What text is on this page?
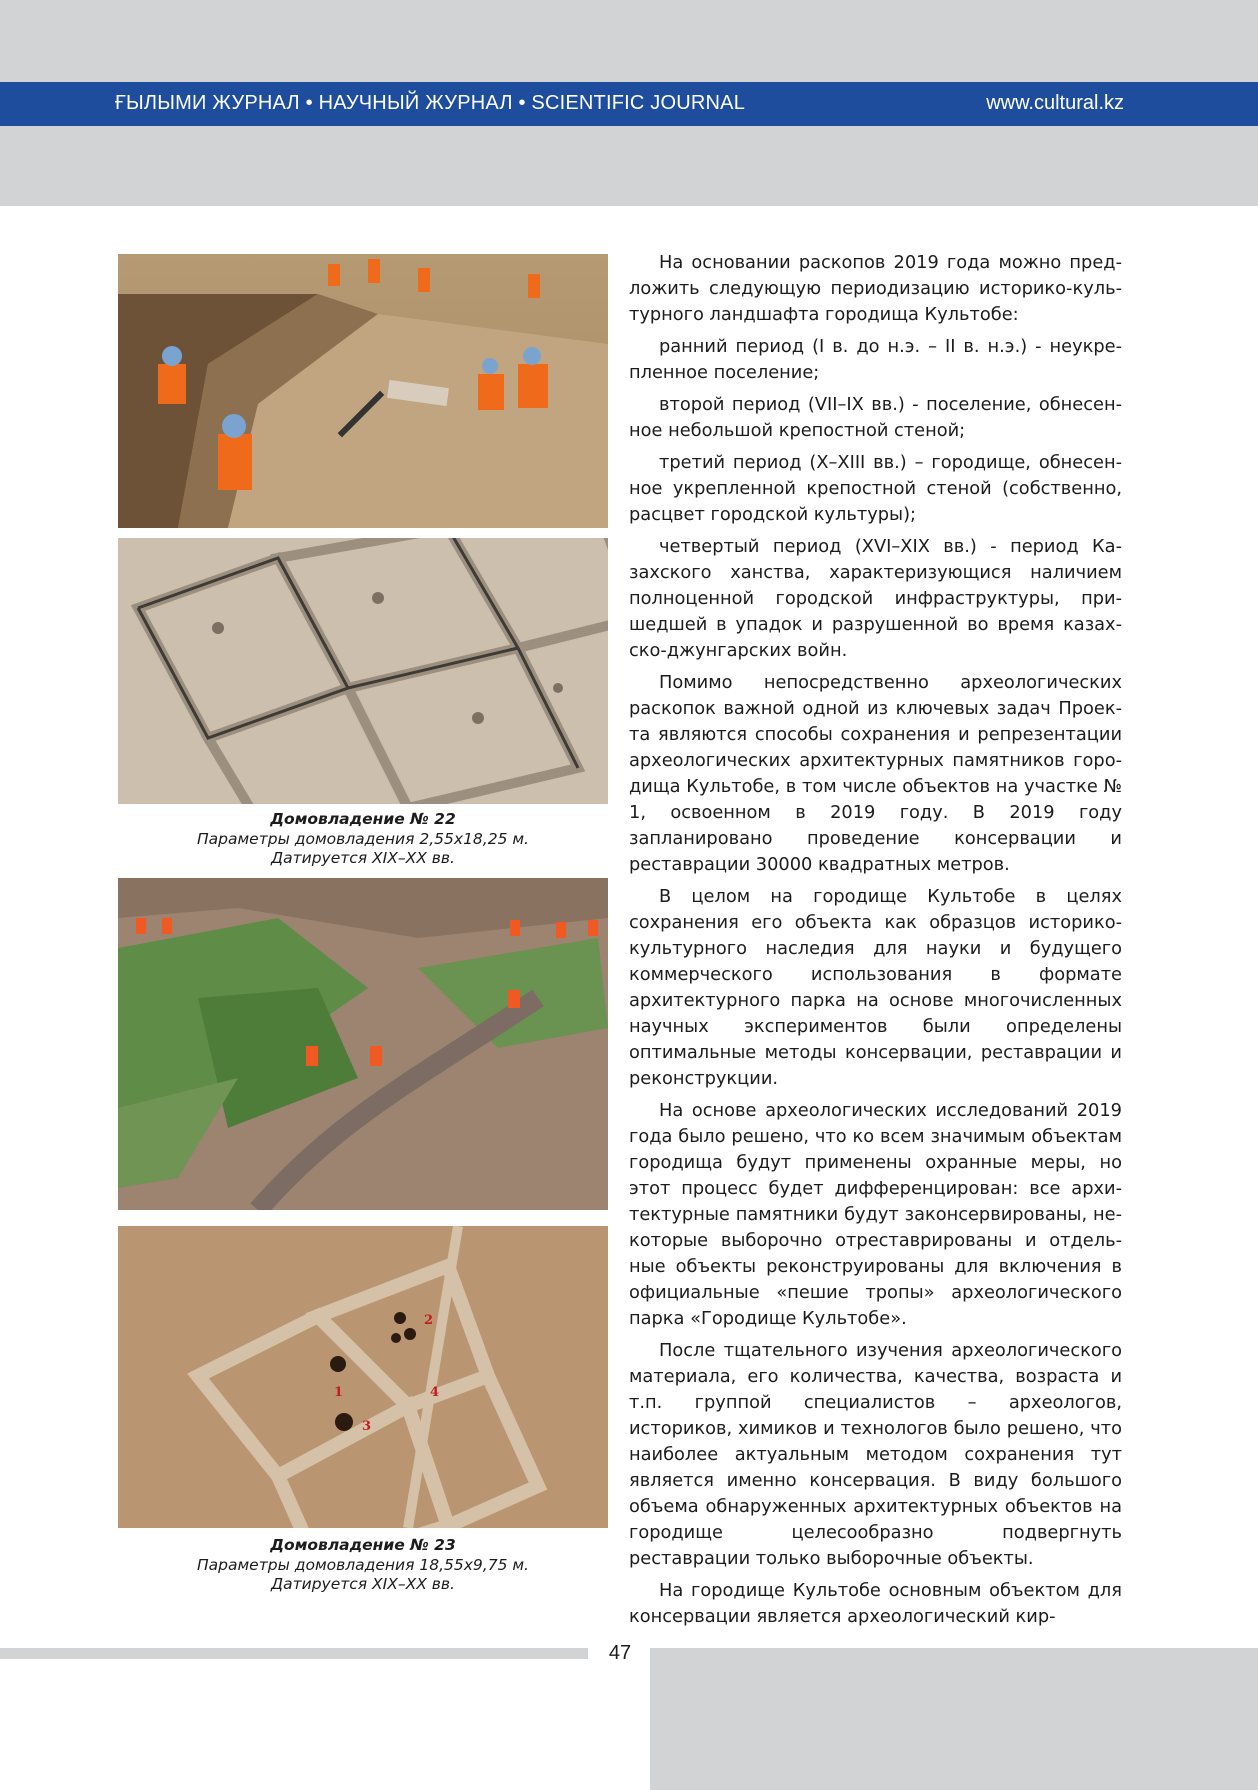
ҒЫЛЫМИ ЖУРНАЛ • НАУЧНЫЙ ЖУРНАЛ • SCIENTIFIC JOURNAL	www.cultural.kz
Домовладение № 22
Параметры домовладения 2,55х18,25 м.
Датируется XIX–XX вв.
1
2
3
4
Домовладение № 23
Параметры домовладения 18,55х9,75 м.
Датируется XIX–XX вв.

На основании раскопов 2019 года можно предложить следующую периодизацию историко-культурного ландшафта городища Культобе:

ранний период (I в. до н.э. – II в. н.э.) - неукрепленное поселение;

второй период (VII–IX вв.) - поселение, обнесенное небольшой крепостной стеной;

третий период (X–XIII вв.) – городище, обнесенное укрепленной крепостной стеной (собственно, расцвет городской культуры);

четвертый период (XVI–XIX вв.) - период Казахского ханства, характеризующися наличием полноценной городской инфраструктуры, пришедшей в упадок и разрушенной во время казахско-джунгарских войн.

Помимо непосредственно археологических раскопок важной одной из ключевых задач Проекта являются способы сохранения и репрезентации археологических архитектурных памятников городища Культобе, в том числе объектов на участке № 1, освоенном в 2019 году. В 2019 году запланировано проведение консервации и реставрации 30000 квадратных метров.

В целом на городище Культобе в целях сохранения его объекта как образцов историко-культурного наследия для науки и будущего коммерческого использования в формате архитектурного парка на основе многочисленных научных экспериментов были определены оптимальные методы консервации, реставрации и реконструкции.

На основе археологических исследований 2019 года было решено, что ко всем значимым объектам городища будут применены охранные меры, но этот процесс будет дифференцирован: все архитектурные памятники будут законсервированы, некоторые выборочно отреставрированы и отдельные объекты реконструированы для включения в официальные «пешие тропы» археологического парка «Городище Культобе».

После тщательного изучения археологического материала, его количества, качества, возраста и т.п. группой специалистов – археологов, историков, химиков и технологов было решено, что наиболее актуальным методом сохранения тут является именно консервация. В виду большого объема обнаруженных архитектурных объектов на городище целесообразно подвергнуть реставрации только выборочные объекты.

На городище Культобе основным объектом для консервации является археологический кир-

47
